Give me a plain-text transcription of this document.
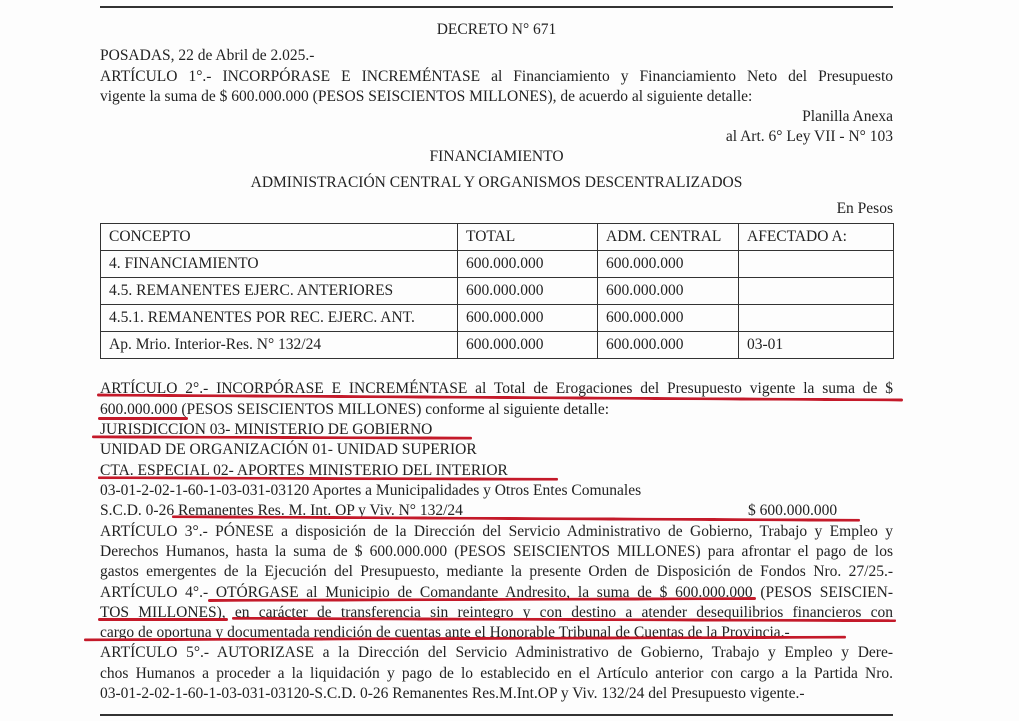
DECRETO N° 671
POSADAS, 22 de Abril de 2.025.-
ARTÍCULO 1°.- INCORPÓRASE E INCREMÉNTASE al Financiamiento y Financiamiento Neto del Presupuesto
vigente la suma de $ 600.000.000 (PESOS SEISCIENTOS MILLONES), de acuerdo al siguiente detalle:
Planilla Anexa
al Art. 6° Ley VII - N° 103
FINANCIAMIENTO
ADMINISTRACIÓN CENTRAL Y ORGANISMOS DESCENTRALIZADOS
En Pesos
CONCEPTO	TOTAL	ADM. CENTRAL	AFECTADO A:
4. FINANCIAMIENTO	600.000.000	600.000.000	
4.5. REMANENTES EJERC. ANTERIORES	600.000.000	600.000.000	
4.5.1. REMANENTES POR REC. EJERC. ANT.	600.000.000	600.000.000	
Ap. Mrio. Interior-Res. N° 132/24	600.000.000	600.000.000	03-01
ARTÍCULO 2°.- INCORPÓRASE E INCREMÉNTASE al Total de Erogaciones del Presupuesto vigente la suma de $
600.000.000 (PESOS SEISCIENTOS MILLONES) conforme al siguiente detalle:
JURISDICCION 03- MINISTERIO DE GOBIERNO
UNIDAD DE ORGANIZACIÓN 01- UNIDAD SUPERIOR
CTA. ESPECIAL 02- APORTES MINISTERIO DEL INTERIOR
03-01-2-02-1-60-1-03-031-03120 Aportes a Municipalidades y Otros Entes Comunales
S.C.D. 0-26 Remanentes Res. M. Int. OP y Viv. N° 132/24	$ 600.000.000
ARTÍCULO 3°.- PÓNESE a disposición de la Dirección del Servicio Administrativo de Gobierno, Trabajo y Empleo y
Derechos Humanos, hasta la suma de $ 600.000.000 (PESOS SEISCIENTOS MILLONES) para afrontar el pago de los
gastos emergentes de la Ejecución del Presupuesto, mediante la presente Orden de Disposición de Fondos Nro. 27/25.-
ARTÍCULO 4°.- OTÓRGASE al Municipio de Comandante Andresito, la suma de $ 600.000.000 (PESOS SEISCIEN-
TOS MILLONES), en carácter de transferencia sin reintegro y con destino a atender desequilibrios financieros con
cargo de oportuna y documentada rendición de cuentas ante el Honorable Tribunal de Cuentas de la Provincia.-
ARTÍCULO 5°.- AUTORIZASE a la Dirección del Servicio Administrativo de Gobierno, Trabajo y Empleo y Dere-
chos Humanos a proceder a la liquidación y pago de lo establecido en el Artículo anterior con cargo a la Partida Nro.
03-01-2-02-1-60-1-03-031-03120-S.C.D. 0-26 Remanentes Res.M.Int.OP y Viv. 132/24 del Presupuesto vigente.-
